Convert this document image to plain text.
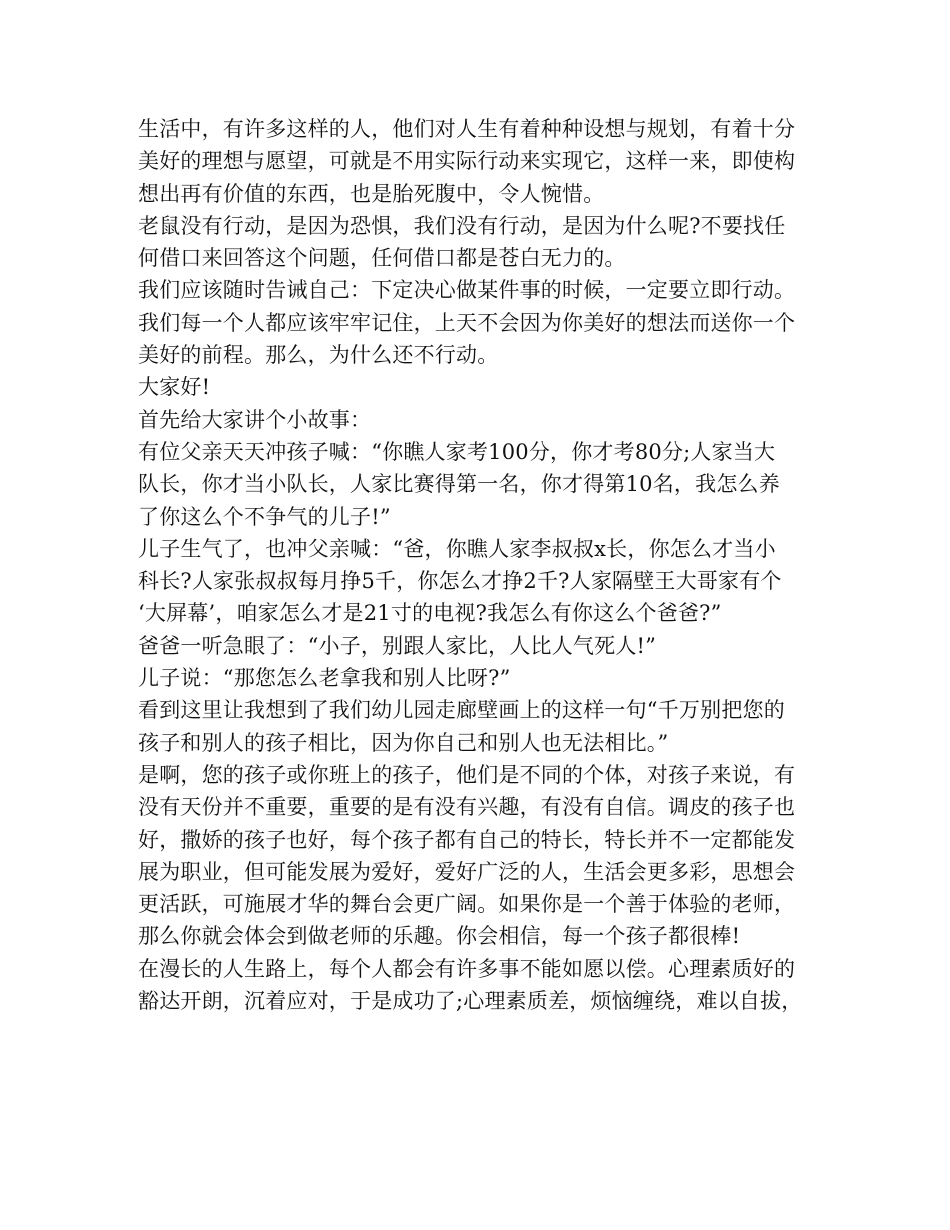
生活中，有许多这样的人，他们对人生有着种种设想与规划，有着十分
美好的理想与愿望，可就是不用实际行动来实现它，这样一来，即使构
想出再有价值的东西，也是胎死腹中，令人惋惜。
老鼠没有行动，是因为恐惧，我们没有行动，是因为什么呢?不要找任
何借口来回答这个问题，任何借口都是苍白无力的。
我们应该随时告诫自己：下定决心做某件事的时候，一定要立即行动。
我们每一个人都应该牢牢记住，上天不会因为你美好的想法而送你一个
美好的前程。那么，为什么还不行动。
大家好!
首先给大家讲个小故事：
有位父亲天天冲孩子喊：“你瞧人家考100分，你才考80分;人家当大
队长，你才当小队长，人家比赛得第一名，你才得第10名，我怎么养
了你这么个不争气的儿子!”
儿子生气了，也冲父亲喊：“爸，你瞧人家李叔叔x长，你怎么才当小
科长?人家张叔叔每月挣5千，你怎么才挣2千?人家隔壁王大哥家有个
‘大屏幕’，咱家怎么才是21寸的电视?我怎么有你这么个爸爸?”
爸爸一听急眼了：“小子，别跟人家比，人比人气死人!”
儿子说：“那您怎么老拿我和别人比呀?”
看到这里让我想到了我们幼儿园走廊壁画上的这样一句“千万别把您的
孩子和别人的孩子相比，因为你自己和别人也无法相比。”
是啊，您的孩子或你班上的孩子，他们是不同的个体，对孩子来说，有
没有天份并不重要，重要的是有没有兴趣，有没有自信。调皮的孩子也
好，撒娇的孩子也好，每个孩子都有自己的特长，特长并不一定都能发
展为职业，但可能发展为爱好，爱好广泛的人，生活会更多彩，思想会
更活跃，可施展才华的舞台会更广阔。如果你是一个善于体验的老师，
那么你就会体会到做老师的乐趣。你会相信，每一个孩子都很棒!
在漫长的人生路上，每个人都会有许多事不能如愿以偿。心理素质好的
豁达开朗，沉着应对，于是成功了;心理素质差，烦恼缠绕，难以自拔，
